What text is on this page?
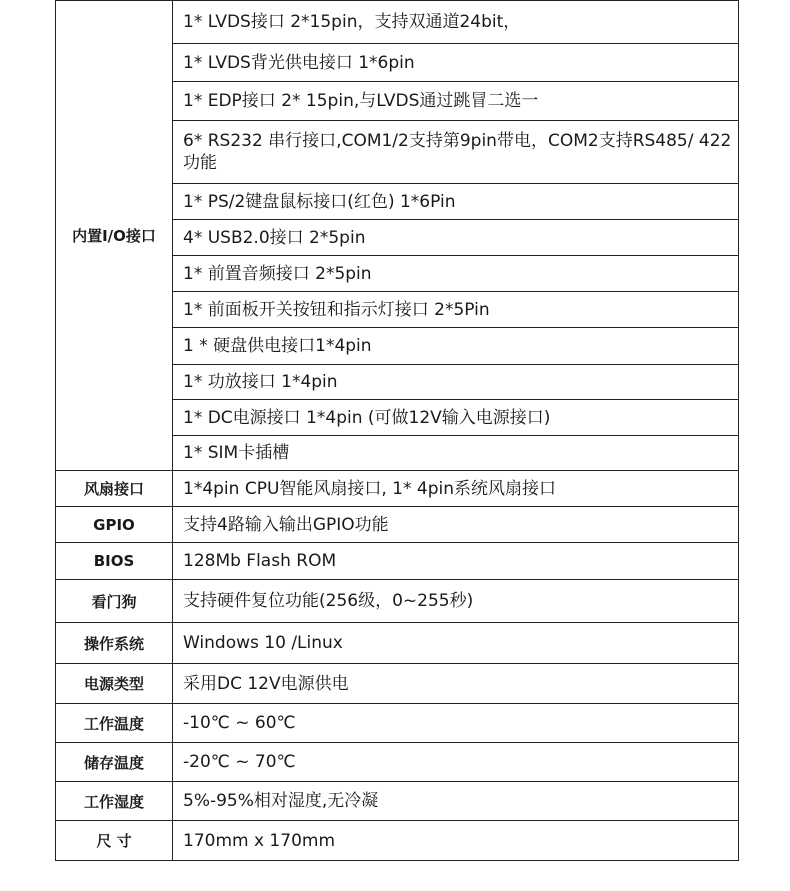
内置I/O接口
1* LVDS接口 2*15pin，支持双通道24bit，
1* LVDS背光供电接口 1*6pin
1* EDP接口 2* 15pin,与LVDS通过跳冒二选一
6* RS232 串行接口,COM1/2支持第9pin带电，COM2支持RS485/ 422功能
1* PS/2键盘鼠标接口(红色) 1*6Pin
4* USB2.0接口 2*5pin
1* 前置音频接口 2*5pin
1* 前面板开关按钮和指示灯接口 2*5Pin
1 * 硬盘供电接口1*4pin
1* 功放接口 1*4pin
1* DC电源接口 1*4pin (可做12V输入电源接口)
1* SIM卡插槽
风扇接口	1*4pin CPU智能风扇接口, 1* 4pin系统风扇接口
GPIO	支持4路输入输出GPIO功能
BIOS	128Mb Flash ROM
看门狗	支持硬件复位功能(256级，0~255秒)
操作系统	Windows 10 /Linux
电源类型	采用DC 12V电源供电
工作温度	-10℃ ~ 60℃
储存温度	-20℃ ~ 70℃
工作湿度	5%-95%相对湿度,无冷凝
尺 寸	170mm x 170mm
